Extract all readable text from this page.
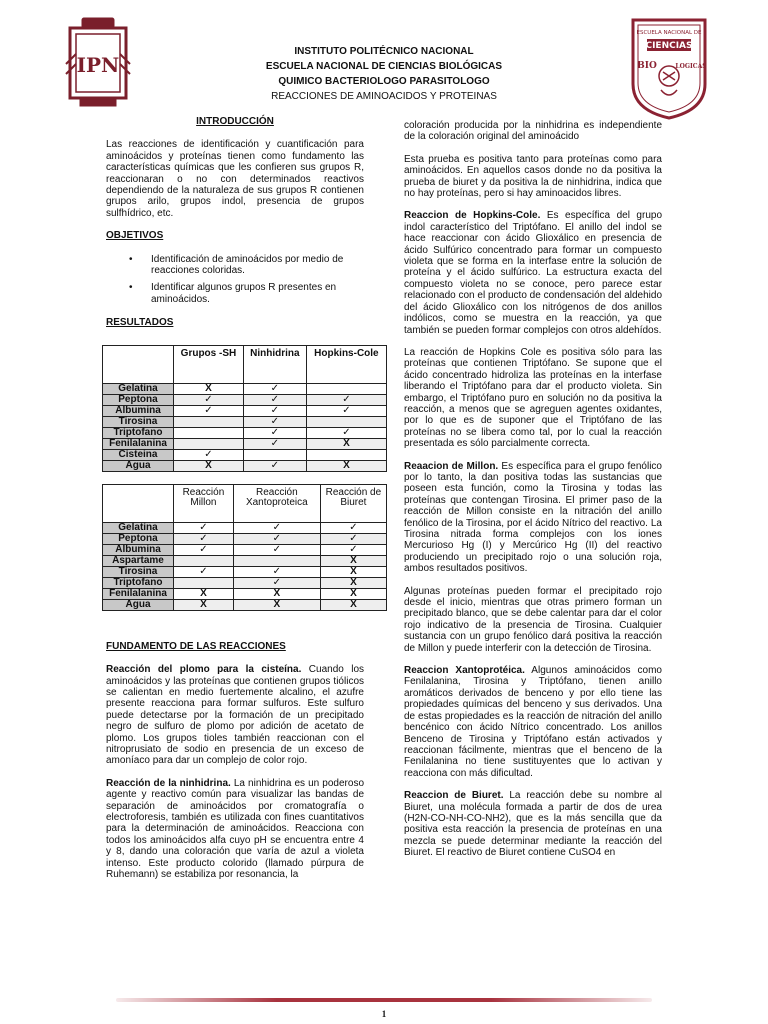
IPN
ESCUELA NACIONAL DE
CIENCIAS
BIO	LOGICAS
INSTITUTO POLITÉCNICO NACIONAL
ESCUELA NACIONAL DE CIENCIAS BIOLÓGICAS
QUIMICO BACTERIOLOGO PARASITOLOGO
REACCIONES DE AMINOACIDOS Y PROTEINAS
INTRODUCCIÓN

Las reacciones de identificación y cuantificación para aminoácidos y proteínas tienen como fundamento las características químicas que les confieren sus grupos R, reaccionaran o no con determinados reactivos dependiendo de la naturaleza de sus grupos R contienen grupos arilo, grupos indol, presencia de grupos sulfhídrico, etc.

OBJETIVOS
• Identificación de aminoácidos por medio de reacciones coloridas.
• Identificar algunos grupos R presentes en aminoácidos.
RESULTADOS
	Grupos -SH	Ninhidrina	Hopkins-Cole
Gelatina	X	✓	
Peptona	✓	✓	✓
Albumina	✓	✓	✓
Tirosina		✓	
Triptofano		✓	✓
Fenilalanina		✓	X
Cisteina	✓		
Agua	X	✓	X
	Reacción Millon	Reacción Xantoproteica	Reacción de Biuret
Gelatina	✓	✓	✓
Peptona	✓	✓	✓
Albumina	✓	✓	✓
Aspartame			X
Tirosina	✓	✓	X
Triptofano		✓	X
Fenilalanina	X	X	X
Agua	X	X	X
FUNDAMENTO DE LAS REACCIONES

Reacción del plomo para la cisteína. Cuando los aminoácidos y las proteínas que contienen grupos tiólicos se calientan en medio fuertemente alcalino, el azufre presente reacciona para formar sulfuros. Este sulfuro puede detectarse por la formación de un precipitado negro de sulfuro de plomo por adición de acetato de plomo. Los grupos tioles también reaccionan con el nitroprusiato de sodio en presencia de un exceso de amoníaco para dar un complejo de color rojo.

Reacción de la ninhidrina. La ninhidrina es un poderoso agente y reactivo común para visualizar las bandas de separación de aminoácidos por cromatografía o electroforesis, también es utilizada con fines cuantitativos para la determinación de aminoácidos. Reacciona con todos los aminoácidos alfa cuyo pH se encuentra entre 4 y 8, dando una coloración que varía de azul a violeta intenso. Este producto colorido (llamado púrpura de Ruhemann) se estabiliza por resonancia, la

coloración producida por la ninhidrina es independiente de la coloración original del aminoácido

Esta prueba es positiva tanto para proteínas como para aminoácidos. En aquellos casos donde no da positiva la prueba de biuret y da positiva la de ninhidrina, indica que no hay proteínas, pero si hay aminoacidos libres.

Reaccion de Hopkins-Cole. Es específica del grupo indol característico del Triptófano. El anillo del indol se hace reaccionar con ácido Glioxálico en presencia de ácido Sulfúrico concentrado para formar un compuesto violeta que se forma en la interfase entre la solución de proteína y el ácido sulfúrico. La estructura exacta del compuesto violeta no se conoce, pero parece estar relacionado con el producto de condensación del aldehido del ácido Glioxálico con los nitrógenos de dos anillos indólicos, como se muestra en la reacción, ya que también se pueden formar complejos con otros aldehídos.

La reacción de Hopkins Cole es positiva sólo para las proteínas que contienen Triptófano. Se supone que el ácido concentrado hidroliza las proteínas en la interfase liberando el Triptófano para dar el producto violeta. Sin embargo, el Triptófano puro en solución no da positiva la reacción, a menos que se agreguen agentes oxidantes, por lo que es de suponer que el Triptófano de las proteínas no se libera como tal, por lo cual la reacción presentada es sólo parcialmente correcta.

Reaacion de Millon. Es específica para el grupo fenólico por lo tanto, la dan positiva todas las sustancias que poseen esta función, como la Tirosina y todas las proteínas que contengan Tirosina. El primer paso de la reacción de Millon consiste en la nitración del anillo fenólico de la Tirosina, por el ácido Nítrico del reactivo. La Tirosina nitrada forma complejos con los iones Mercurioso Hg (I) y Mercúrico Hg (II) del reactivo produciendo un precipitado rojo o una solución roja, ambos resultados positivos.

Algunas proteínas pueden formar el precipitado rojo desde el inicio, mientras que otras primero forman un precipitado blanco, que se debe calentar para dar el color rojo indicativo de la presencia de Tirosina. Cualquier sustancia con un grupo fenólico dará positiva la reacción de Millon y puede interferir con la detección de Tirosina.

Reaccion Xantoprotéica. Algunos aminoácidos como Fenilalanina, Tirosina y Triptófano, tienen anillo aromáticos derivados de benceno y por ello tiene las propiedades químicas del benceno y sus derivados. Una de estas propiedades es la reacción de nitración del anillo bencénico con ácido Nítrico concentrado. Los anillos Benceno de Tirosina y Triptófano están activados y reaccionan fácilmente, mientras que el benceno de la Fenilalanina no tiene sustituyentes que lo activan y reacciona con más dificultad.

Reaccion de Biuret. La reacción debe su nombre al Biuret, una molécula formada a partir de dos de urea (H2N-CO-NH-CO-NH2), que es la más sencilla que da positiva esta reacción la presencia de proteínas en una mezcla se puede determinar mediante la reacción del Biuret. El reactivo de Biuret contiene CuSO4 en

1
